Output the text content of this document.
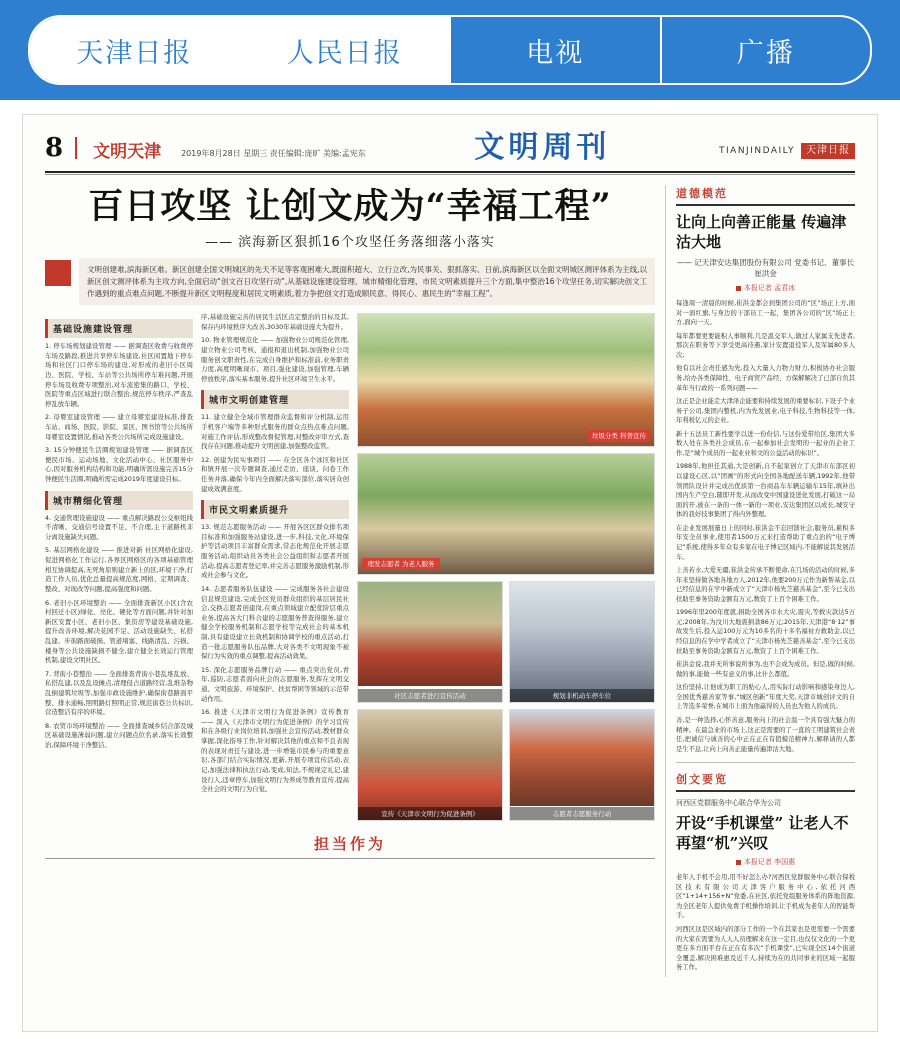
天津日报	人民日报	电视	广播
8 文明天津	2019年8月28日 星期三 责任编辑:庞旷 美编:孟宪东	文明周刊	TIANJINDAILY	天津日报
百日攻坚 让创文成为“幸福工程”
—— 滨海新区狠抓16个攻坚任务落细落小落实
文明创建难,滨海新区难。新区创建全国文明城区的先天不足等客观困难大,既面积超大、立行立改,为民事关、狠抓落实、日前,滨海新区以全面文明城区测评体系为主线,以新区创文测评体系为主攻方向,全面启动“创文百日攻坚行动”,从基础设施建设管理、城市精细化管理、市民文明素质提升三个方面,集中整治16个攻坚任务,切实解决创文工作遇到的重点难点问题,不断提升新区文明程度和居民文明素质,着力争把创文打造成顺民意、得民心、惠民生的“幸福工程”。
基础设施建设管理

1. 停车场规划建设管理 —— 据调查区收费与收费停车场及路段,推进共享停车场建设,社区闲置地下停车场和社区门口停车场的建设,对形成的老旧小区周边、医院、学校、车站等公共场所停车难问题,开展停车场及收费专项整治,对车流密集的路口、学校、医院等重点区域进行联合整治,规范停车秩序,严查乱停乱放车辆。

2. 母婴室建设管理 —— 建立母婴室建设标准,排查车站、商场、医院、影院、景区、图书馆等公共场所母婴室设置情况,推动各类公共场所完成设施建设。

3. 15分钟便民生活圈规划建设管理 —— 据调查区便民市场、运动场地、文化活动中心、社区服务中心,因对服务机构结构和功能,明确所需设施完善15分钟便民生活圈,明确所需完成2019年度建设目标。

城市精细化管理

4. 交通管理设施建设 —— 重点解决路段公交枢纽线不清晰、交通信号设置不足、不合理,主干道路机非分离设施缺失问题。

5. 基层网格化建设 —— 推进对新 社区网格化建设,促进网格化工作运行,各界区网格区的各项基础管理相互协调提高,无死角原则建立新上的区,环境干净,打造工作人员,优化总量提高规范度,网格、定期调查、整改、对现改等问题,提高强度和问题。

6. 老旧小区环境整治 —— 全面排查新区小区(含农村回迁小区)绿化、亮化、硬化等方面问题,并针对加新区安置小区、老旧小区、集资房等建设基础设施,提升改善环境,解决花园不足、活动设施缺失、私搭乱建、步街路面破损、管道堵塞、线路清乱、污损、楼身等公共设施缺损不健全,建立健全长效运行管理机制,建设文明社区。

7. 背街小巷整治 —— 全面排查背街小巷乱堆乱放、私搭乱建,以及乱设摊点,清理侵占道路经营,乱堆杂物乱倒建筑垃圾等,加强市政设施维护,确保街巷路面平整、排水通畅,照明路灯照明正常,规范街巷公共标识,营造整洁有序的环境。

8. 农贸市场环境整治 —— 全面排查城乡结合部及城区基础设施薄弱问题,建立问题点位名录,落实长效整治,保障环境干净整洁。

序,基础设施完善的居民生活区点定整治的目标及其,保存内环境秩序大改善,3030年基础设施大为提升。

10. 物业管理规范化 —— 加强物业公司规范化管理,建立物业公司考核、通报和退出机制,加强物业公司服务创文职责性,在完成自身维护和标准前,业务职责力度,高度明晰现市、项目,强化建设,加强管理,车辆停放秩序,落实基本服务,提升社区环境卫生水平。

城市文明创建管理

11. 建立健全全域市管理群众监督和评分机制,运用手机客户端等多种形式服务的群众点热点难点问题,对施工作评估,形成整改督促管理,对整改评审方式,查找存在问题,推动提升文明创建,加强整改监管。

12. 创建为民实事项目 —— 在全区各个冰区和社区和镇开展一次专题调查,通过走访、座谈、问卷工作任务并落,确保今年内全面解决落实部位,落实居众创建成效满意度。

市民文明素质提升

13. 规范志愿服务活动 —— 开展各区区群众排名项目标准和加强服务站建设,进一步,科技,文化,环境保护等活动项目丰富群众需求,常态化规范化开展志愿服务活动,组织动员各类社会公益组织和志愿者开展活动,提高志愿者登记率,并完善志愿服务激励机制,形成社会参与文化。

14. 志愿者服务队伍建设 —— 完成服务各社会建设信息规范建设,完成全区党员群众组织的基层居民社会,交换志愿者创建岗,在重点领域建立配优阶层重点业务,提高各大门科合建的志愿服务普查得服务,建立健全学校服务机制和志愿学校等完成社会的基本机制,具有建设建立长效机制和协调学校的重点活动,打造一批志愿服务队伍品牌,大对各类不文明现象不被保行为实效的重点调整,提高活动效果。

15. 深化志愿服务品牌行动 —— 重点突出党员,青年,巡防,志愿者面向社会的志愿服务,发挥在文明交通、文明旅游、环境保护、扶贫帮困等领域的示范带动作用。

16. 推进《天津市文明行为促进条例》宣传教育 —— 深入《天津市文明行为促进条例》的学习宣传和在各级行业岗位培训,加强社会宣传活动,教材群众掌握,深化指导工作,针对解决其他的重点和不良表现的表现对责任与建设,进一步增强市民参与的重要意识,各部门结合实际情况,更新,开展专项宣传活动,表记,加强法律和执法行动,变成,知法,不规视定礼记,建设行人,违章停车,加强文明行为养成等教育宣传,提高全社会的文明行为自觉。

垃圾分类 科普宣传
理发志愿者 为老人服务
社区志愿者进行宣传活动	规划非机动车停车位
宣传《天津市文明行为促进条例》	志愿者志愿服务行动
担当作为
道德模范
让向上向善正能量 传遍津沽大地
—— 记天津安达集团股份有限公司 党委书记、董事长崔洪金
本报记者 孟君冰

每逢周一清晨的时候,崔洪金都会到集团公司的“区”场正上方,面对一面红旗,与身边的干部员工一起，集团各公司的“区”场正上方,面向一天。

每年都要更要能积人事顺利,几是温交军人,做过人家属支先进者,那次在职务等下享受更高待遇,家计安置退役军人及军属80多人次;

他有以社会责任感为先,投入大量人力物力财力,积极协办社会服务,给办各类保障性、电子商贸产品经、方保解解决了已部自负其革年当行政的一系列问题——

这正是企业能走大津泽企能要和持续发展的重要标识,下设子个业务子公司,集团内整机,内为先发展业,电子科技,生物科技等一体,年利税亿元的企业。

新十五法员工新性要学以进一份份信,与这份爱带给区,集团大多数人处在各类社会成员,在一起参加社会发明的一起业的企业工作,是“城个成员的一起业业和文的公益活动的标识”。

1988年,他担任其通,大是创新,自不起家创立了天津市东部区初以建设心区,以“团画”的形式向全国各地配送车辆,1992年,他带领团队设计并完成出优质第一台商品车车辆运输车15年,填补出国内生产空白,随即开发,从而改变中国建设进化发展,打破这一局面的开,被在一条的一体一新的一项业,安达集团区以成长,城安守体的我好技事集团了得内外整理。

在企业发展展量日上的同时,崔洪金不忘回馈社会,服务员,累积多年安全员事业,使用者1500万元来打造帮助了重点治的“电子博记”系统,使得多年众有多家在电子博记区域内,不能解说其发展活车。

上善若水,大爱无疆,崔洪金传承不断使命,在几场的活动的时候,多年来坚持做各地各地方人,2012年,他要200万元作为新帮基金,以已经信息的在学中新成立了“天津市杨先芝慈善基金”,至今已支出扶助至事务资助金额有万元,数资了上百个困难工作。

1996年里200年度就,捐助全国各市水大灾,震灾,等救灾款达5万元;2008年,为汶川大地震捐款86万元;2015年,天津港“8·12”事故发生后,投入运100万元为10多名的十多名福祉方救助金,以已经信息的在学中学者成立了“天津市杨先芝慈善基金”,至今已支出扶助至事务资助金额有万元,数资了上百个困难工作。

崔洪金说,我并无所事说所事为,也不会成为成员。但是,做的时候,做的事,能做一些有意义的事,比什么都值。

这份坚持,让他成为职工的贴心人,用实际行动影响和感染身边人,全国优秀慈善家等事,“城区创新”年度大奖,天津市城创评文的自上等选多荣誉,在城市上面为他赢得的人员也为他人的成员。

善,是一种选择,心怀善意,服务向上的社会温一个具有强大魅力的精神。在最急业的市场上,这正是需要的了一直的工明建筑社会责任,把诚信与诚善的心中正在正在有值模范精神力,解释请的人都是生不息,让向上向善正能量传遍津沽大地。

创文要览
河西区党群服务中心联合华为公司
开设“手机课堂” 让老人不再望“机”兴叹
本报记者 李国惠

老年人手机不会用,用不好怎么办?河西区党群服务中心联合保税区技术有限公司天津客户服务中心,依托河西区“1+14+156+N”党委,在社区,依托党组服务体系的阵地资源,为全区老年人提供免费手机操作培训,让手机成为老年人的智能帮手。

河西区这是区域内的部分工作的一个在其家也是更需要一个需要的大家在需要为人人人员理解来在这一定目,也仅仅文化的一个更更在多方面平台在正在有多次“手机课堂”,已实现全区14个街道全覆盖,解决困难惠及近千人,持续为在的共同事业的区域一起服务工作。
